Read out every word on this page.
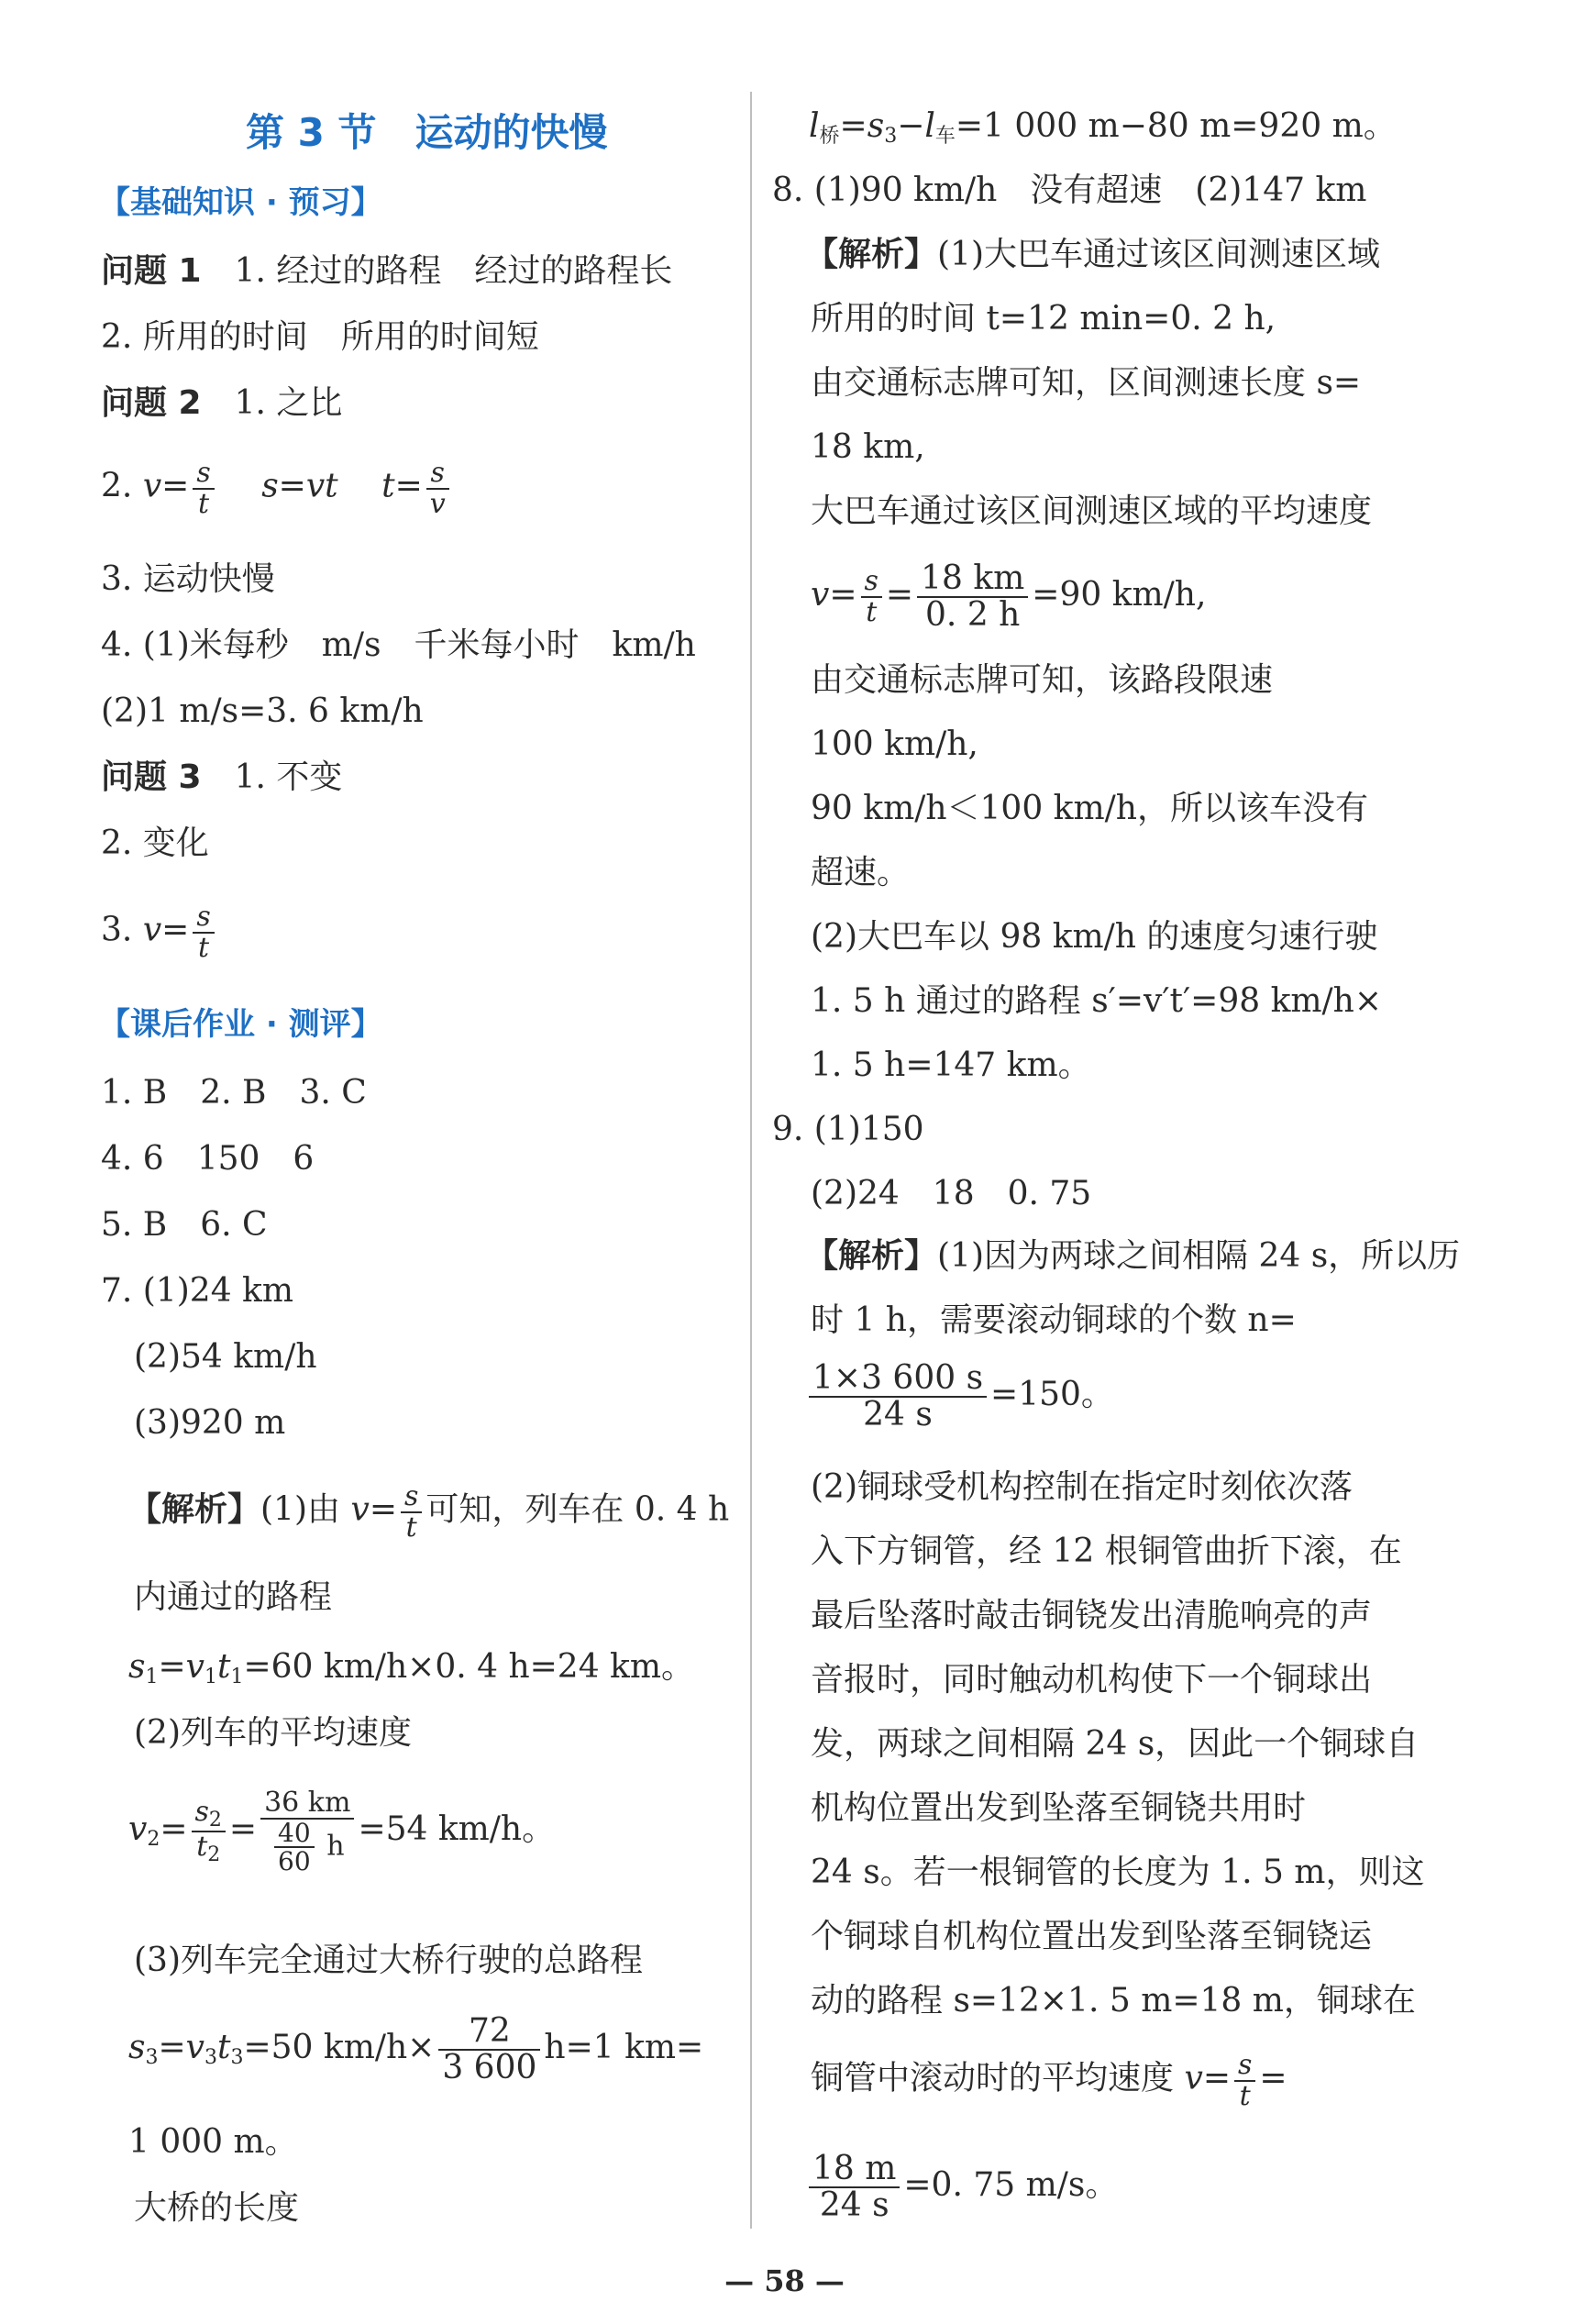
第 3 节　运动的快慢
【基础知识 · 预习】
问题 1 1. 经过的路程　经过的路程长
2. 所用的时间　所用的时间短
问题 2 1. 之比
2. $v= \frac{s}{t} s=vt$ $t= \frac{s}{v}$
3. 运动快慢
4. (1)米每秒　m/s　千米每小时　km/h
(2)1 m/s=3. 6 km/h
问题 3 1. 不变
2. 变化
3. $v= \frac{s}{t}$
【课后作业 · 测评】
1. B　2. B　3. C
4. 6　150　6
5. B　6. C
7. (1)24 km
(2)54 km/h
(3)920 m
【解析】(1)由 $v= \frac{s}{t}$ 可知，列车在 0. 4 h
内通过的路程
$s_1=v_1t_1=60$ km/h×0. 4 h=24 km。
(2)列车的平均速度
$v_2= \frac{s_2}{t_2} = \frac{36 km}{\frac{40}{60} h} =54$ km/h。
(3)列车完全通过大桥行驶的总路程
$s_3=v_3t_3=50$ $km/h\times \frac{72}{3 600} h=1$ km=
1 000 m。
大桥的长度
$l_桥=s_3-l_车=1$ 000 m−80 m=920 m。
8. (1)90 km/h　没有超速　(2)147 km
【解析】(1)大巴车通过该区间测速区域
所用的时间 t=12 min=0. 2 h,
由交通标志牌可知，区间测速长度 s=
18 km,
大巴车通过该区间测速区域的平均速度
$v= \frac{s}{t} = \frac{18 km}{0. 2 h} =90$ km/h,
由交通标志牌可知，该路段限速
100 km/h,
90 km/h＜100 km/h，所以该车没有
超速。
(2)大巴车以 98 km/h 的速度匀速行驶
1. 5 h 通过的路程 s′=v′t′=98 km/h×
1. 5 h=147 km。
9. (1)150
(2)24　18　0. 75
【解析】(1)因为两球之间相隔 24 s，所以历
时 1 h，需要滚动铜球的个数 n=
$\frac{1\times 3 600 s}{24 s} =150$。
(2)铜球受机构控制在指定时刻依次落
入下方铜管，经 12 根铜管曲折下滚，在
最后坠落时敲击铜铙发出清脆响亮的声
音报时，同时触动机构使下一个铜球出
发，两球之间相隔 24 s，因此一个铜球自
机构位置出发到坠落至铜铙共用时
24 s。若一根铜管的长度为 1. 5 m，则这
个铜球自机构位置出发到坠落至铜铙运
动的路程 s=12×1. 5 m=18 m，铜球在
铜管中滚动时的平均速度 $v= \frac{s}{t}$ =
$\frac{18 m}{24 s} =0$. 75 m/s。
— 58 —
